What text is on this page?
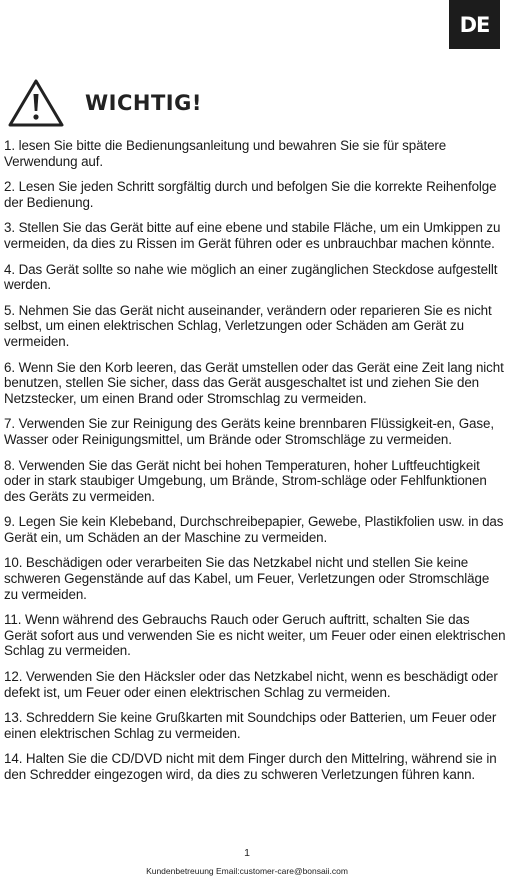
DE
WICHTIG!
1. lesen Sie bitte die Bedienungsanleitung und bewahren Sie sie für spätere Verwendung auf.
2. Lesen Sie jeden Schritt sorgfältig durch und befolgen Sie die korrekte Reihenfolge der Bedienung.
3. Stellen Sie das Gerät bitte auf eine ebene und stabile Fläche, um ein Umkippen zu vermeiden, da dies zu Rissen im Gerät führen oder es unbrauchbar machen könnte.
4. Das Gerät sollte so nahe wie möglich an einer zugänglichen Steckdose aufgestellt werden.
5. Nehmen Sie das Gerät nicht auseinander, verändern oder reparieren Sie es nicht selbst, um einen elektrischen Schlag, Verletzungen oder Schäden am Gerät zu vermeiden.
6. Wenn Sie den Korb leeren, das Gerät umstellen oder das Gerät eine Zeit lang nicht benutzen, stellen Sie sicher, dass das Gerät ausgeschaltet ist und ziehen Sie den Netzstecker, um einen Brand oder Stromschlag zu vermeiden.
7. Verwenden Sie zur Reinigung des Geräts keine brennbaren Flüssigkeit-en, Gase, Wasser oder Reinigungsmittel, um Brände oder Stromschläge zu vermeiden.
8. Verwenden Sie das Gerät nicht bei hohen Temperaturen, hoher Luftfeuchtigkeit oder in stark staubiger Umgebung, um Brände, Strom-schläge oder Fehlfunktionen des Geräts zu vermeiden.
9. Legen Sie kein Klebeband, Durchschreibepapier, Gewebe, Plastikfolien usw. in das Gerät ein, um Schäden an der Maschine zu vermeiden.
10. Beschädigen oder verarbeiten Sie das Netzkabel nicht und stellen Sie keine schweren Gegenstände auf das Kabel, um Feuer, Verletzungen oder Stromschläge zu vermeiden.
11. Wenn während des Gebrauchs Rauch oder Geruch auftritt, schalten Sie das Gerät sofort aus und verwenden Sie es nicht weiter, um Feuer oder einen elektrischen Schlag zu vermeiden.
12. Verwenden Sie den Häcksler oder das Netzkabel nicht, wenn es beschädigt oder defekt ist, um Feuer oder einen elektrischen Schlag zu vermeiden.
13. Schreddern Sie keine Grußkarten mit Soundchips oder Batterien, um Feuer oder einen elektrischen Schlag zu vermeiden.
14. Halten Sie die CD/DVD nicht mit dem Finger durch den Mittelring, während sie in den Schredder eingezogen wird, da dies zu schweren Verletzungen führen kann.
1
Kundenbetreuung Email:customer-care@bonsaii.com
